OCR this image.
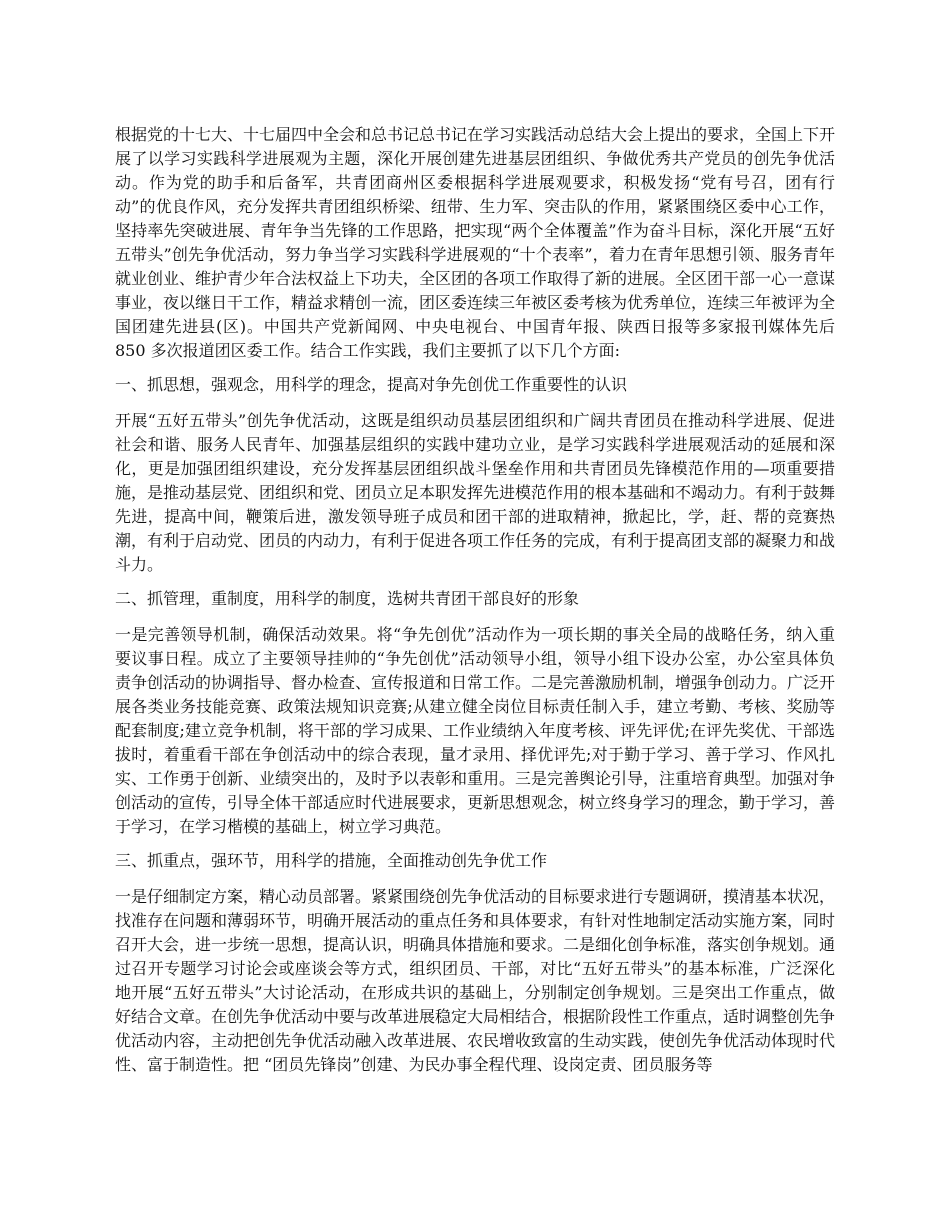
根据党的十七大、十七届四中全会和总书记总书记在学习实践活动总结大会上提出的要求，全国上下开展了以学习实践科学进展观为主题，深化开展创建先进基层团组织、争做优秀共产党员的创先争优活动。作为党的助手和后备军，共青团商州区委根据科学进展观要求，积极发扬“党有号召，团有行动”的优良作风，充分发挥共青团组织桥梁、纽带、生力军、突击队的作用，紧紧围绕区委中心工作，坚持率先突破进展、青年争当先锋的工作思路，把实现“两个全体覆盖”作为奋斗目标，深化开展“五好五带头”创先争优活动，努力争当学习实践科学进展观的“十个表率”，着力在青年思想引领、服务青年就业创业、维护青少年合法权益上下功夫，全区团的各项工作取得了新的进展。全区团干部一心一意谋事业，夜以继日干工作，精益求精创一流，团区委连续三年被区委考核为优秀单位，连续三年被评为全国团建先进县(区)。中国共产党新闻网、中央电视台、中国青年报、陕西日报等多家报刊媒体先后 850 多次报道团区委工作。结合工作实践，我们主要抓了以下几个方面:

一、抓思想，强观念，用科学的理念，提高对争先创优工作重要性的认识

开展“五好五带头”创先争优活动，这既是组织动员基层团组织和广阔共青团员在推动科学进展、促进社会和谐、服务人民青年、加强基层组织的实践中建功立业，是学习实践科学进展观活动的延展和深化，更是加强团组织建设，充分发挥基层团组织战斗堡垒作用和共青团员先锋模范作用的—项重要措施，是推动基层党、团组织和党、团员立足本职发挥先进模范作用的根本基础和不竭动力。有利于鼓舞先进，提高中间，鞭策后进，激发领导班子成员和团干部的进取精神，掀起比，学，赶、帮的竞赛热潮，有利于启动党、团员的内动力，有利于促进各项工作任务的完成，有利于提高团支部的凝聚力和战斗力。

二、抓管理，重制度，用科学的制度，选树共青团干部良好的形象

一是完善领导机制，确保活动效果。将“争先创优”活动作为一项长期的事关全局的战略任务，纳入重要议事日程。成立了主要领导挂帅的“争先创优”活动领导小组，领导小组下设办公室，办公室具体负责争创活动的协调指导、督办检查、宣传报道和日常工作。二是完善激励机制，增强争创动力。广泛开展各类业务技能竞赛、政策法规知识竞赛;从建立健全岗位目标责任制入手，建立考勤、考核、奖励等配套制度;建立竞争机制，将干部的学习成果、工作业绩纳入年度考核、评先评优;在评先奖优、干部选拔时，着重看干部在争创活动中的综合表现，量才录用、择优评先;对于勤于学习、善于学习、作风扎实、工作勇于创新、业绩突出的，及时予以表彰和重用。三是完善舆论引导，注重培育典型。加强对争创活动的宣传，引导全体干部适应时代进展要求，更新思想观念，树立终身学习的理念，勤于学习，善于学习，在学习楷模的基础上，树立学习典范。

三、抓重点，强环节，用科学的措施，全面推动创先争优工作

一是仔细制定方案，精心动员部署。紧紧围绕创先争优活动的目标要求进行专题调研，摸清基本状况，找准存在问题和薄弱环节，明确开展活动的重点任务和具体要求，有针对性地制定活动实施方案，同时召开大会，进一步统一思想，提高认识，明确具体措施和要求。二是细化创争标准，落实创争规划。通过召开专题学习讨论会或座谈会等方式，组织团员、干部，对比“五好五带头”的基本标准，广泛深化地开展“五好五带头”大讨论活动，在形成共识的基础上，分别制定创争规划。三是突出工作重点，做好结合文章。在创先争优活动中要与改革进展稳定大局相结合，根据阶段性工作重点，适时调整创先争优活动内容，主动把创先争优活动融入改革进展、农民增收致富的生动实践，使创先争优活动体现时代性、富于制造性。把 “团员先锋岗”创建、为民办事全程代理、设岗定责、团员服务等
